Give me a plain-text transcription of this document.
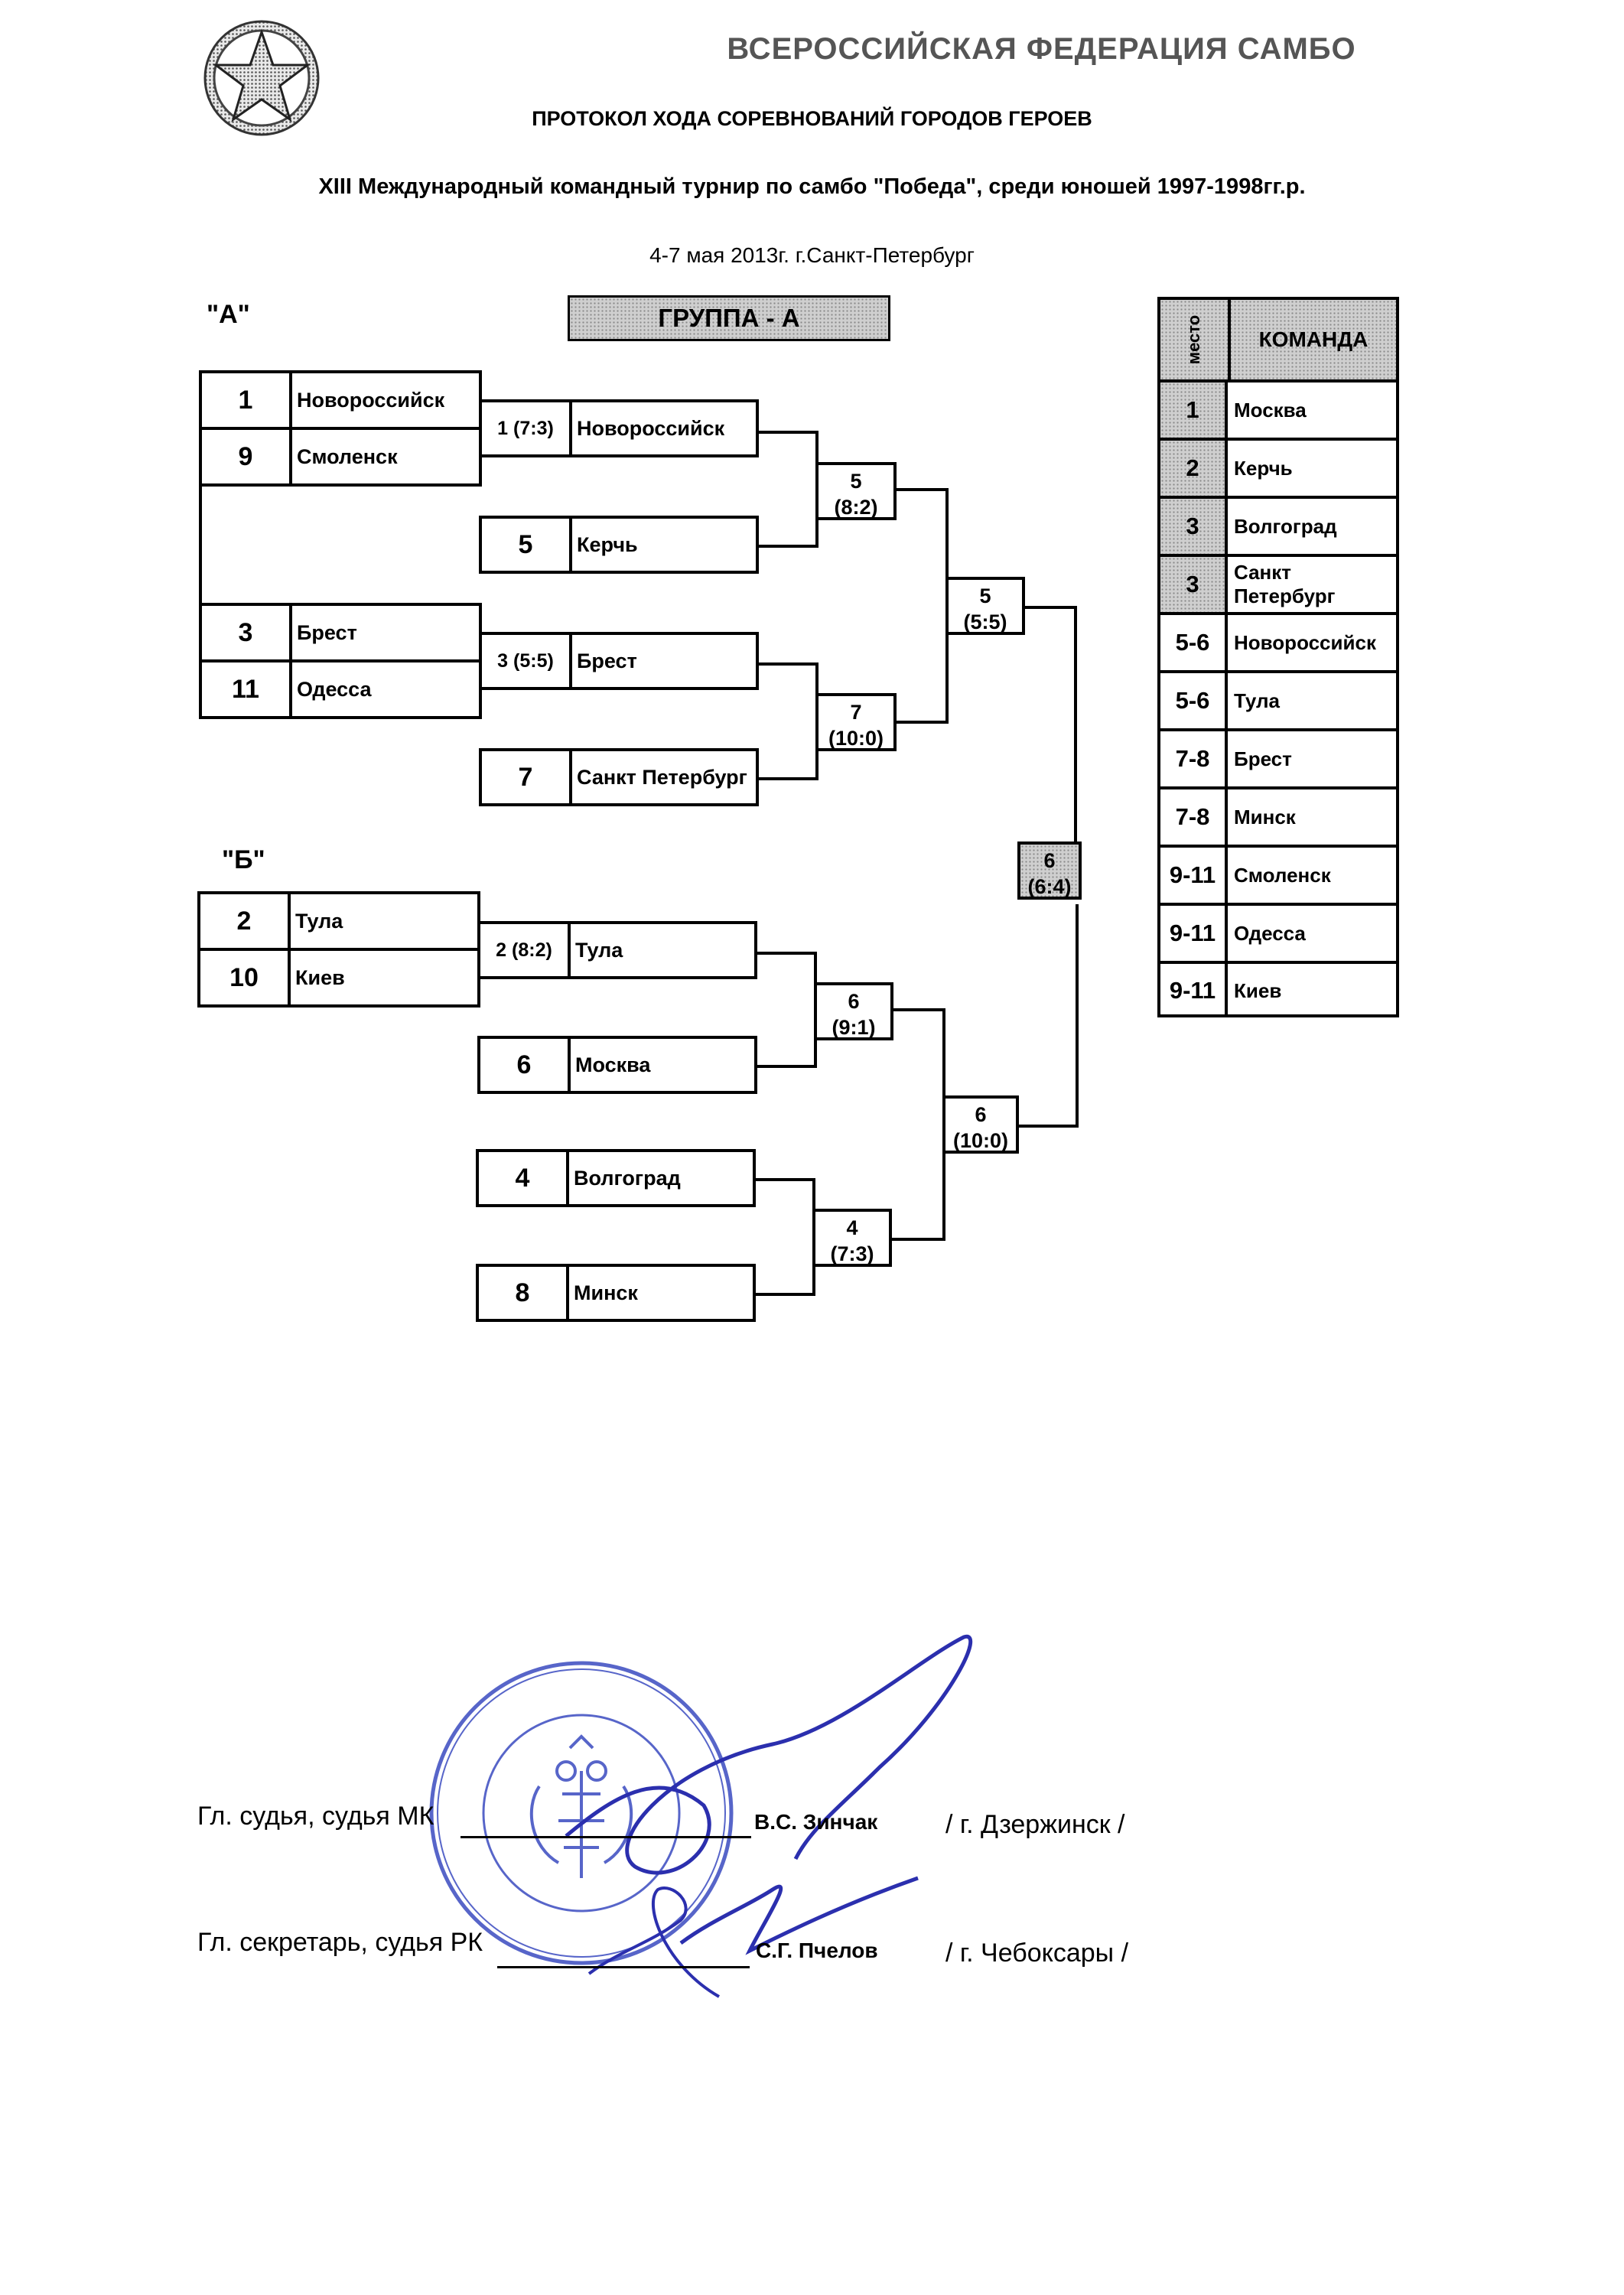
ВСЕРОССИЙСКАЯ ФЕДЕРАЦИЯ САМБО
ПРОТОКОЛ ХОДА СОРЕВНОВАНИЙ ГОРОДОВ ГЕРОЕВ
XIII Международный командный турнир по самбо "Победа", среди юношей 1997-1998гг.р.
4-7 мая 2013г. г.Санкт-Петербург
ГРУППА - А
"А"
"Б"
1	Новороссийск
9	Смоленск
3	Брест
11	Одесса
2	Тула
10	Киев
1 (7:3)	Новороссийск
3 (5:5)	Брест
2 (8:2)	Тула
5	Керчь
7	Санкт Петербург
6	Москва
4	Волгоград
8	Минск
5
(8:2)
7
(10:0)
5
(5:5)
6
(9:1)
4
(7:3)
6
(10:0)
6
(6:4)
место	КОМАНДА
1	Москва
2	Керчь
3	Волгоград
3	Санкт Петербург
5-6	Новороссийск
5-6	Тула
7-8	Брест
7-8	Минск
9-11 Смоленск
9-11 Одесса
9-11 Киев
Гл. судья, судья МК	В.С. Зинчак	/ г. Дзержинск /
Гл. секретарь, судья РК	С.Г. Пчелов	/ г. Чебоксары /
